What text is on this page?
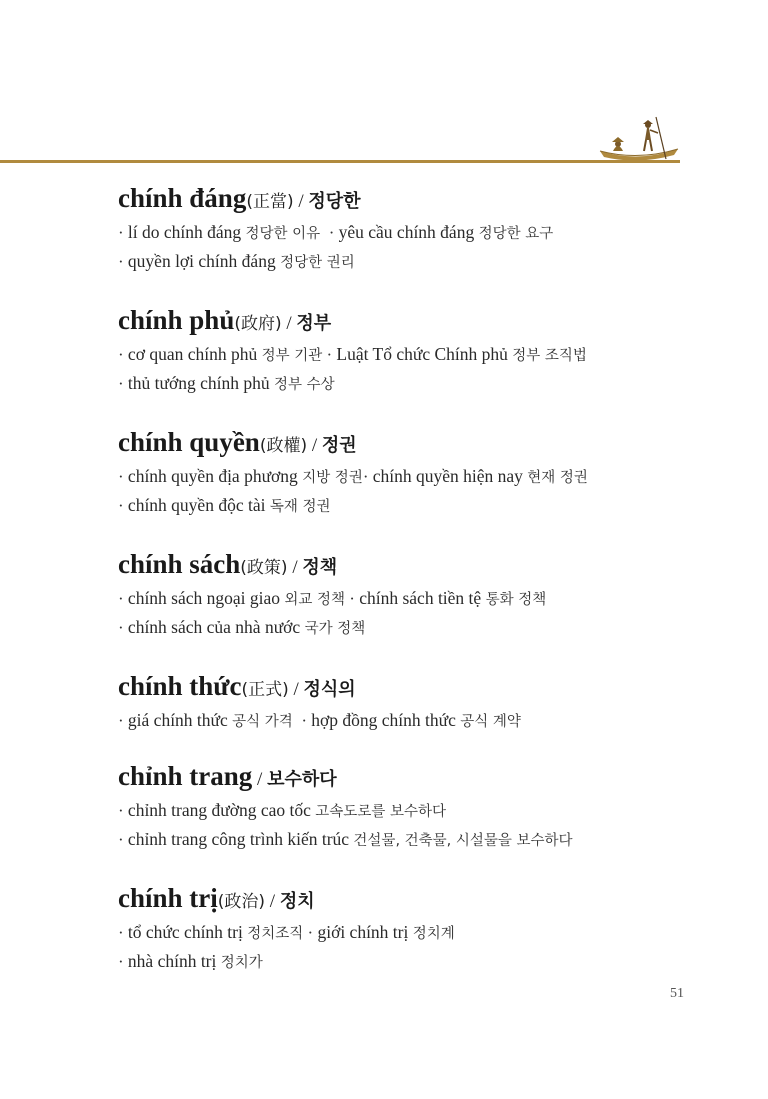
chính đáng(正當) / 정당한
· lí do chính đáng 정당한 이유  · yêu cầu chính đáng 정당한 요구
· quyền lợi chính đáng 정당한 권리
chính phủ(政府) / 정부
· cơ quan chính phủ 정부 기관 · Luật Tổ chức Chính phủ 정부 조직법
· thủ tướng chính phủ 정부 수상
chính quyền(政權) / 정권
· chính quyền địa phương 지방 정권· chính quyền hiện nay 현재 정권
· chính quyền độc tài 독재 정권
chính sách(政策) / 정책
· chính sách ngoại giao 외교 정책 · chính sách tiền tệ 통화 정책
· chính sách của nhà nước 국가 정책
chính thức(正式) / 정식의
· giá chính thức 공식 가격  · hợp đồng chính thức 공식 계약
chỉnh trang / 보수하다
· chỉnh trang đường cao tốc 고속도로를 보수하다
· chỉnh trang công trình kiến trúc 건설물, 건축물, 시설물을 보수하다
chính trị(政治) / 정치
· tổ chức chính trị 정치조직 · giới chính trị 정치계
· nhà chính trị 정치가
51
